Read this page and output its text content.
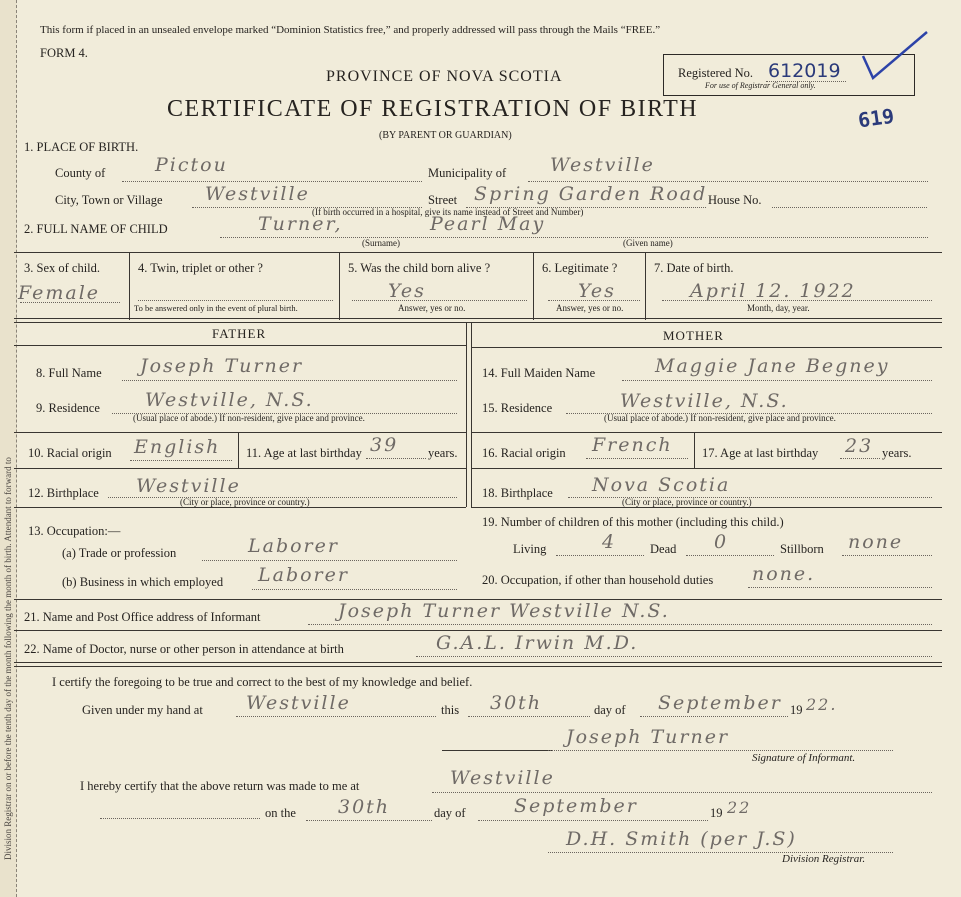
Division Registrar on or before the tenth day of the month following the month of birth. Attendant to forward to
This form if placed in an unsealed envelope marked “Dominion Statistics free,” and properly addressed will pass through the Mails “FREE.”
FORM 4.
PROVINCE OF NOVA SCOTIA
CERTIFICATE OF REGISTRATION OF BIRTH
(BY PARENT OR GUARDIAN)
Registered No. 612019
For use of Registrar General only.
619
1. PLACE OF BIRTH.
County of	Pictou	Municipality of Westville
City, Town or Village Westville	Street Spring Garden Road House No.
(If birth occurred in a hospital, give its name instead of Street and Number)
2. FULL NAME OF CHILD	Turner,	Pearl May
(Surname)	(Given name)
3. Sex of child.
Female
4. Twin, triplet or other ?
To be answered only in the event of plural birth.
5. Was the child born alive ?
Yes
Answer, yes or no.
6. Legitimate ?
Yes
Answer, yes or no.
7. Date of birth.
April 12. 1922
Month, day, year.
FATHER	MOTHER
8. Full Name Joseph Turner
9. Residence Westville, N.S.
(Usual place of abode.) If non-resident, give place and province.
10. Racial origin English 11. Age at last birthday 39 years.
12. Birthplace Westville
(City or place, province or country.)
13. Occupation:—
(a) Trade or profession	Laborer
(b) Business in which employed Laborer
14. Full Maiden Name	Maggie Jane Begney
15. Residence	Westville, N.S.
(Usual place of abode.) If non-resident, give place and province.
16. Racial origin French 17. Age at last birthday 23 years.
18. Birthplace Nova Scotia
(City or place, province or country.)
19. Number of children of this mother (including this child.)
Living	4	Dead 0	Stillborn none
20. Occupation, if other than household duties none.
21. Name and Post Office address of Informant	Joseph Turner Westville N.S.
22. Name of Doctor, nurse or other person in attendance at birth	G.A.L. Irwin M.D.
I certify the foregoing to be true and correct to the best of my knowledge and belief.
Given under my hand at Westville	this 30th	day of September 19 22.
Joseph Turner
Signature of Informant.
I hereby certify that the above return was made to me at	Westville
on the 30th	day of	September	19 22
D.H. Smith (per J.S)
Division Registrar.
